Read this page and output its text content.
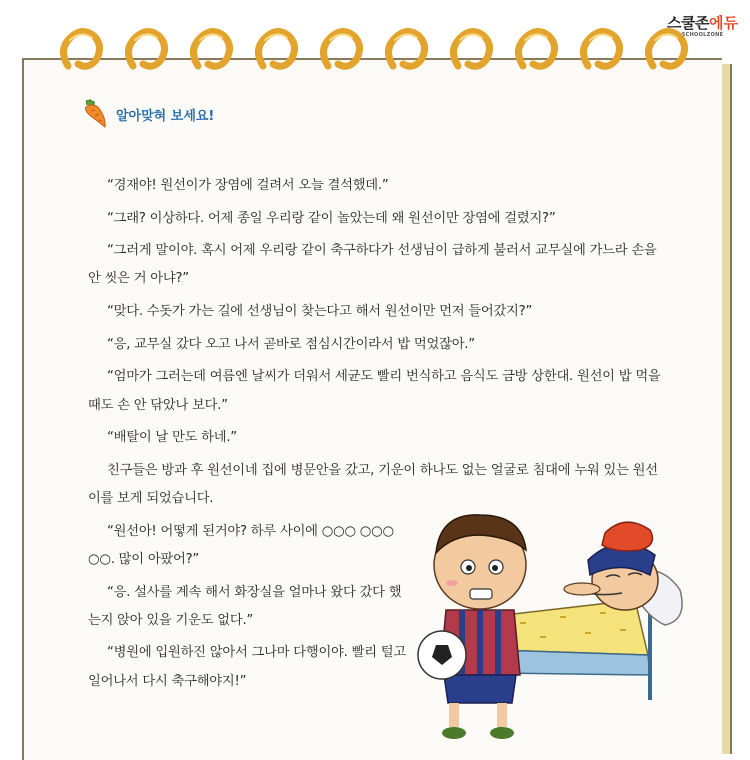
스쿨존에듀
SCHOOLZONE
알아맞혀 보세요!

“경재야! 원선이가 장염에 걸려서 오늘 결석했데.”

“그래? 이상하다. 어제 종일 우리랑 같이 놀았는데 왜 원선이만 장염에 걸렸지?”

“그러게 말이야. 혹시 어제 우리랑 같이 축구하다가 선생님이 급하게 불러서 교무실에 가느라 손을 안 씻은 거 아냐?”

“맞다. 수돗가 가는 길에 선생님이 찾는다고 해서 원선이만 먼저 들어갔지?”

“응, 교무실 갔다 오고 나서 곧바로 점심시간이라서 밥 먹었잖아.”

“엄마가 그러는데 여름엔 날씨가 더워서 세균도 빨리 번식하고 음식도 금방 상한대. 원선이 밥 먹을 때도 손 안 닦았나 보다.”

“배탈이 날 만도 하네.”

친구들은 방과 후 원선이네 집에 병문안을 갔고, 기운이 하나도 없는 얼굴로 침대에 누워 있는 원선이를 보게 되었습니다.

“원선아! 어떻게 된거야? 하루 사이에 ○○○ ○○○ ○○. 많이 아팠어?”

“응. 설사를 계속 해서 화장실을 얼마나 왔다 갔다 했는지 앉아 있을 기운도 없다.”

“병원에 입원하진 않아서 그나마 다행이야. 빨리 털고 일어나서 다시 축구해야지!”
